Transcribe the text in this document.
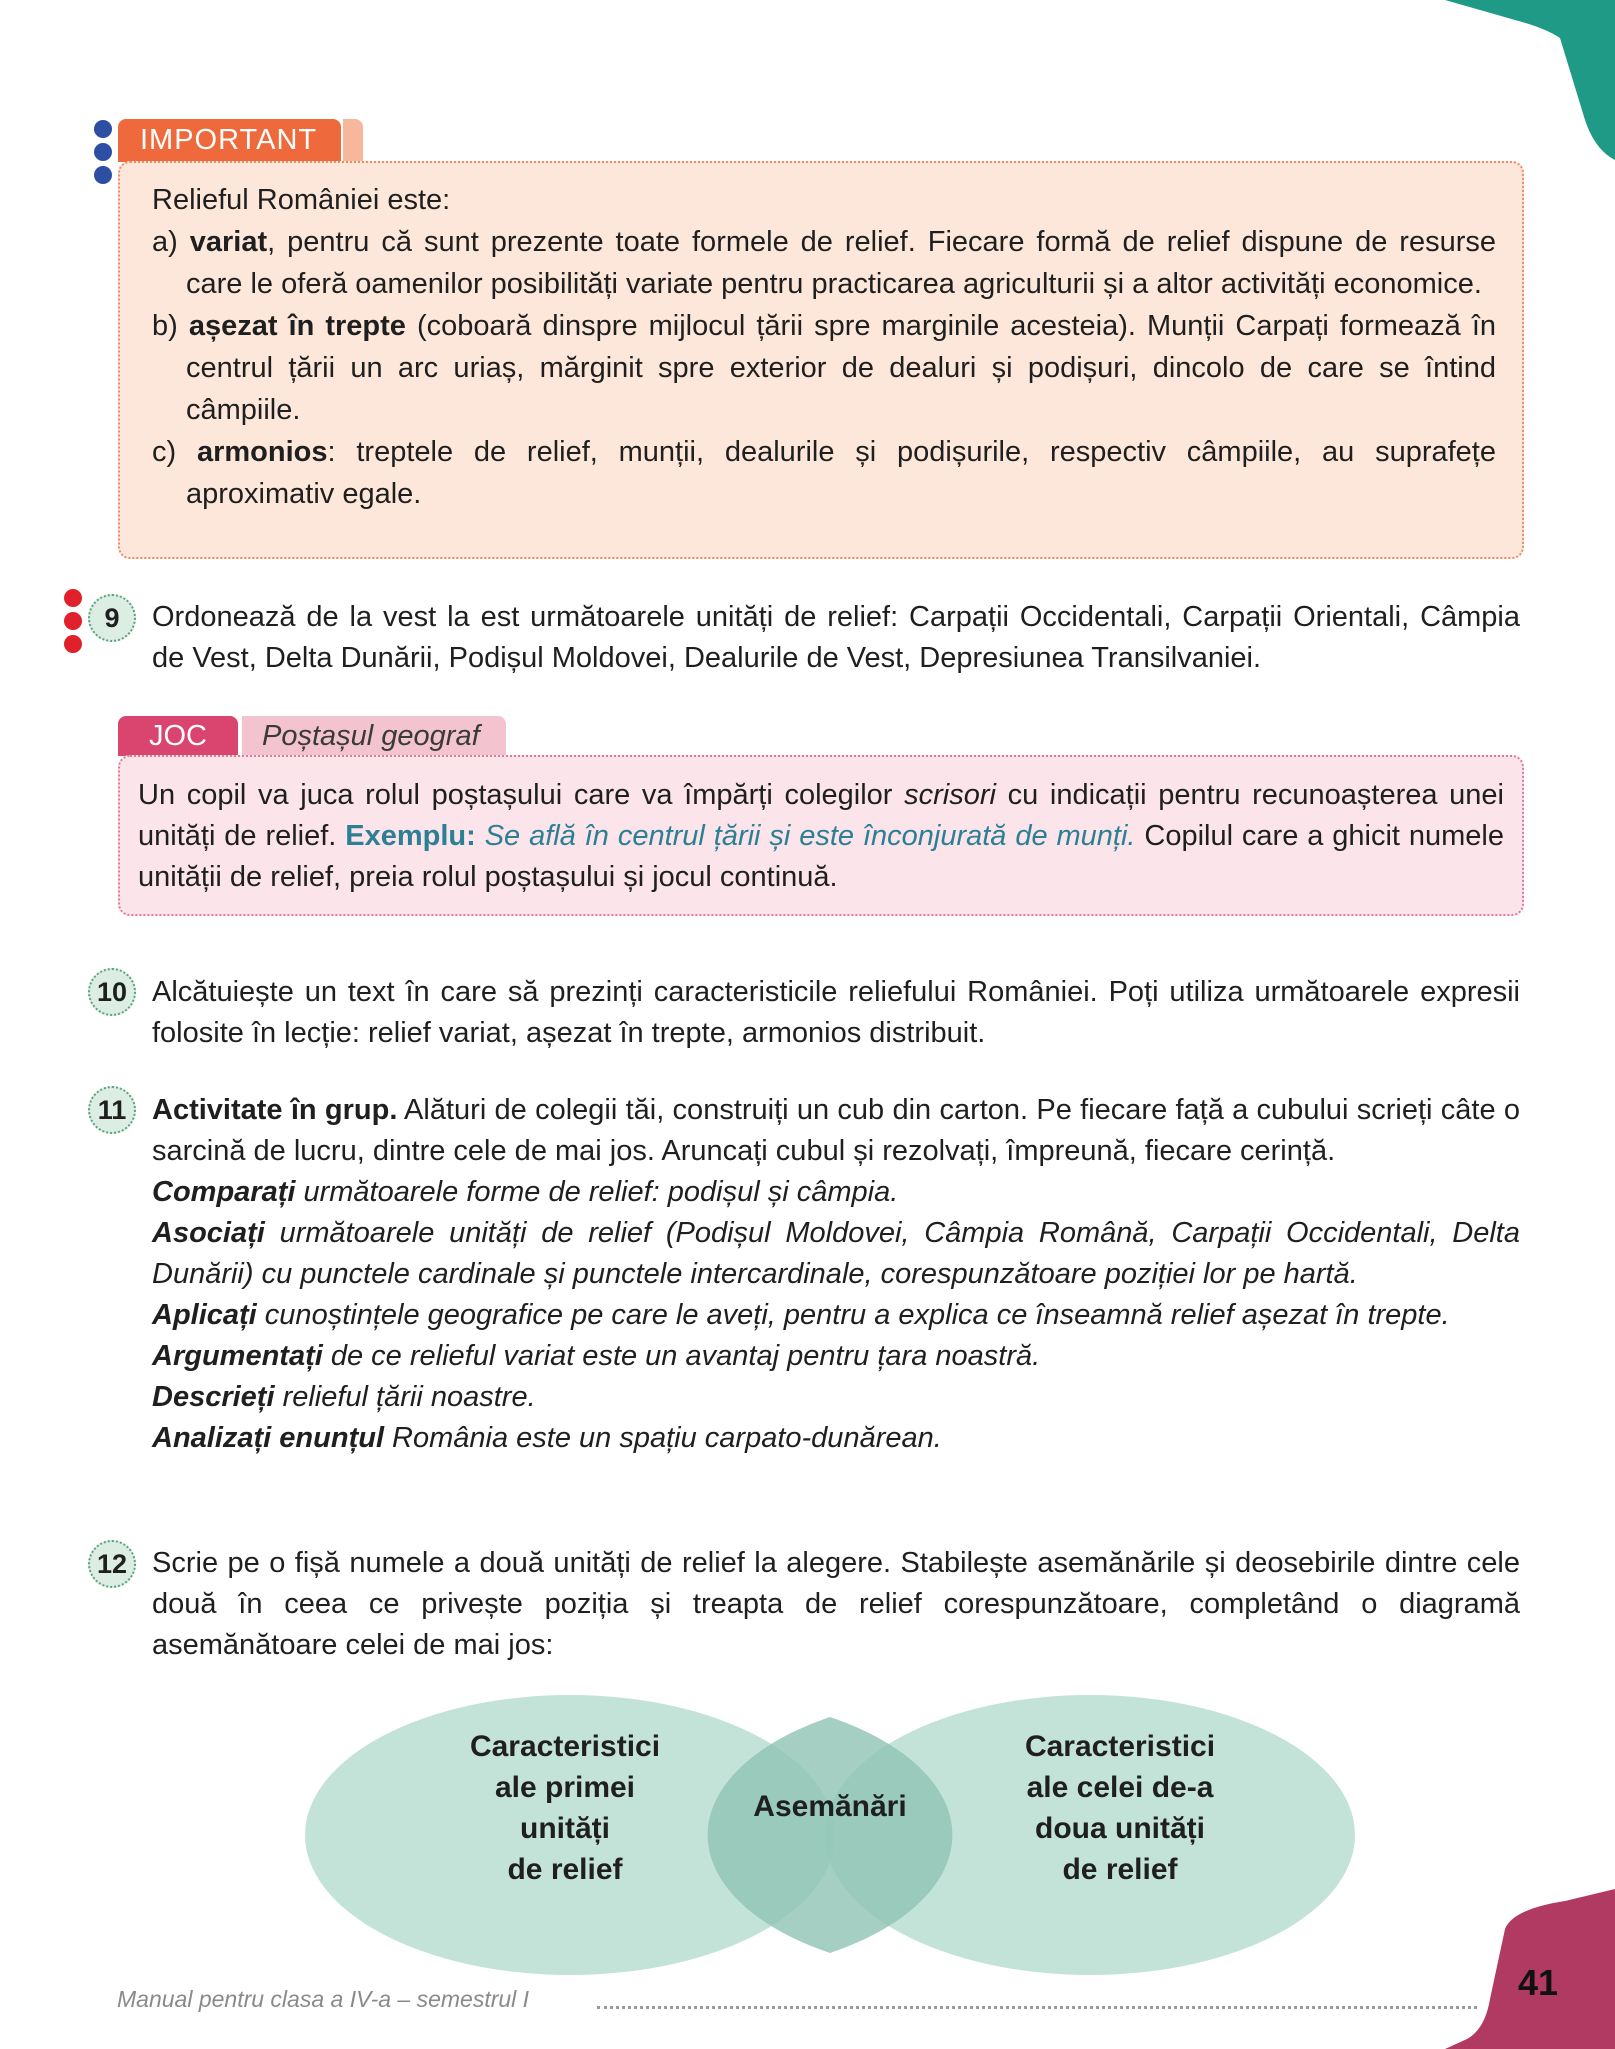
IMPORTANT

Relieful României este:

a) variat, pentru că sunt prezente toate formele de relief. Fiecare formă de relief dispune de resurse care le oferă oamenilor posibilități variate pentru practicarea agriculturii și a altor activități economice.

b) așezat în trepte (coboară dinspre mijlocul țării spre marginile acesteia). Munții Carpați formează în centrul țării un arc uriaș, mărginit spre exterior de dealuri și podișuri, dincolo de care se întind câmpiile.

c) armonios: treptele de relief, munții, dealurile și podișurile, respectiv câmpiile, au suprafețe aproximativ egale.

9	Ordonează de la vest la est următoarele unități de relief: Carpații Occidentali, Carpații Orientali, Câmpia de Vest, Delta Dunării, Podișul Moldovei, Dealurile de Vest, Depresiunea Transilvaniei.

JOC	Poștașul geograf
Un copil va juca rolul poștașului care va împărți colegilor scrisori cu indicații pentru recunoașterea unei unități de relief. Exemplu: Se află în centrul țării și este înconjurată de munți. Copilul care a ghicit numele unității de relief, preia rolul poștașului și jocul continuă.
10 Alcătuiește un text în care să prezinți caracteristicile reliefului României. Poți utiliza următoarele expresii folosite în lecție: relief variat, așezat în trepte, armonios distribuit.

11 Activitate în grup. Alături de colegii tăi, construiți un cub din carton. Pe fiecare față a cubului scrieți câte o sarcină de lucru, dintre cele de mai jos. Aruncați cubul și rezolvați, împreună, fiecare cerință.

Comparați următoarele forme de relief: podișul și câmpia.

Asociați următoarele unități de relief (Podișul Moldovei, Câmpia Română, Carpații Occidentali, Delta Dunării) cu punctele cardinale și punctele intercardinale, corespunzătoare poziției lor pe hartă.

Aplicați cunoștințele geografice pe care le aveți, pentru a explica ce înseamnă relief așezat în trepte.

Argumentați de ce relieful variat este un avantaj pentru țara noastră.

Descrieți relieful țării noastre.

Analizați enunțul România este un spațiu carpato-dunărean.

12 Scrie pe o fișă numele a două unități de relief la alegere. Stabilește asemănările și deosebirile dintre cele două în ceea ce privește poziția și treapta de relief corespunzătoare, completând o diagramă asemănătoare celei de mai jos:

Caracteristici
ale primei
unități
de relief
Asemănări
Caracteristici
ale celei de-a
doua unități
de relief
Manual pentru clasa a IV-a – semestrul I	41
